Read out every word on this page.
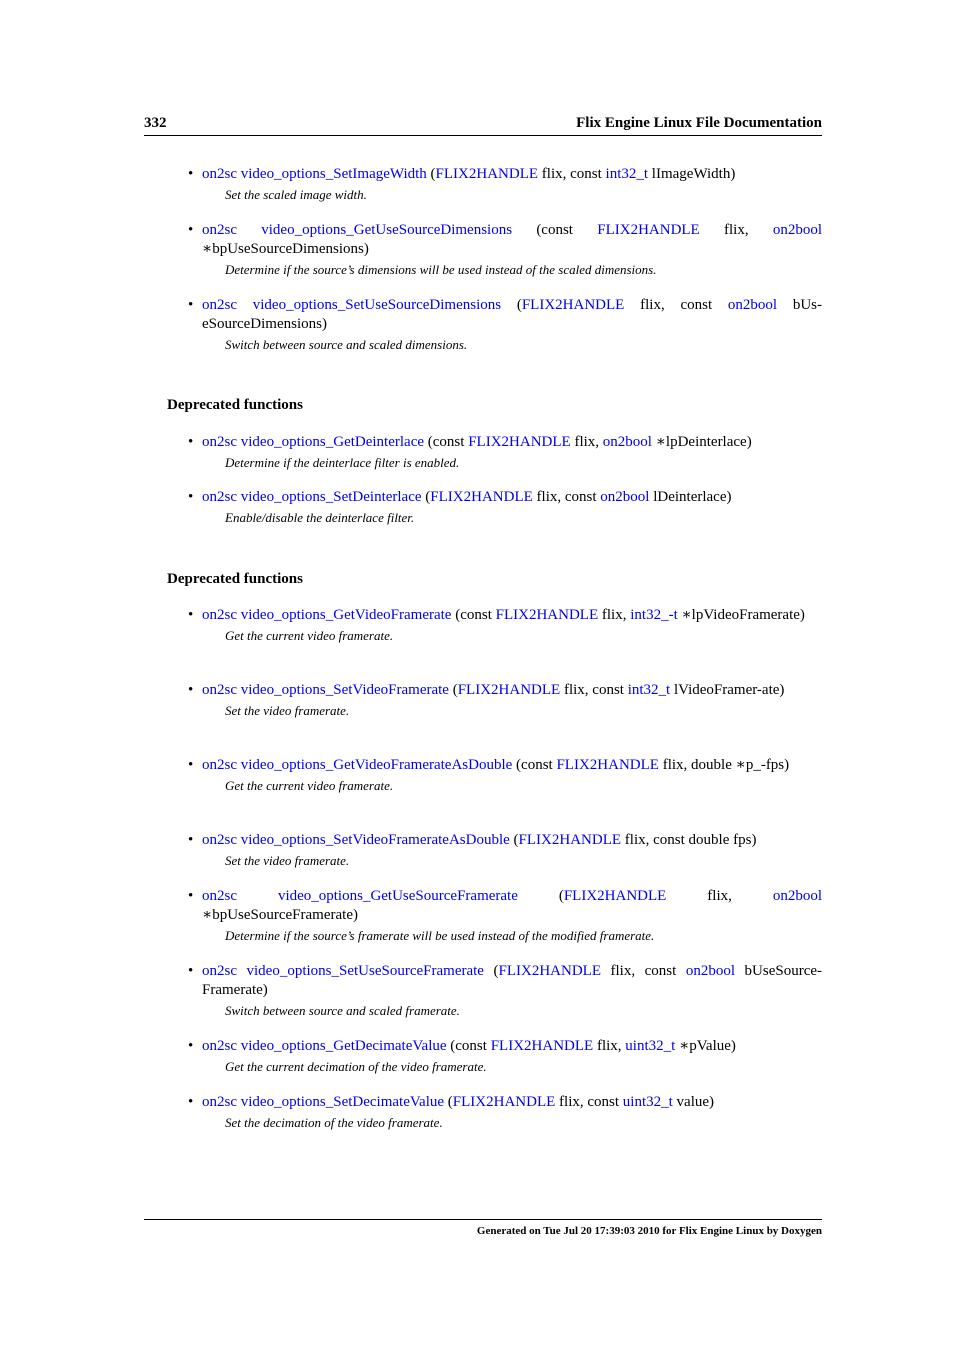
332	Flix Engine Linux File Documentation
• on2sc video_options_SetImageWidth (FLIX2HANDLE flix, const int32_t lImageWidth)
Set the scaled image width.
• on2sc video_options_GetUseSourceDimensions (const FLIX2HANDLE flix, on2bool ∗bpUseSourceDimensions)
Determine if the source’s dimensions will be used instead of the scaled dimensions.
• on2sc video_options_SetUseSourceDimensions (FLIX2HANDLE flix, const on2bool bUs-eSourceDimensions)
Switch between source and scaled dimensions.
Deprecated functions
• on2sc video_options_GetDeinterlace (const FLIX2HANDLE flix, on2bool ∗lpDeinterlace)
Determine if the deinterlace filter is enabled.
• on2sc video_options_SetDeinterlace (FLIX2HANDLE flix, const on2bool lDeinterlace)
Enable/disable the deinterlace filter.
Deprecated functions
• on2sc video_options_GetVideoFramerate (const FLIX2HANDLE flix, int32_-t ∗lpVideoFramerate)
Get the current video framerate.
• on2sc video_options_SetVideoFramerate (FLIX2HANDLE flix, const int32_t lVideoFramer-ate)
Set the video framerate.
• on2sc video_options_GetVideoFramerateAsDouble (const FLIX2HANDLE flix, double ∗p_-fps)
Get the current video framerate.
• on2sc video_options_SetVideoFramerateAsDouble (FLIX2HANDLE flix, const double fps)
Set the video framerate.
• on2sc video_options_GetUseSourceFramerate (FLIX2HANDLE flix, on2bool ∗bpUseSourceFramerate)
Determine if the source’s framerate will be used instead of the modified framerate.
• on2sc video_options_SetUseSourceFramerate (FLIX2HANDLE flix, const on2bool bUseSource-Framerate)
Switch between source and scaled framerate.
• on2sc video_options_GetDecimateValue (const FLIX2HANDLE flix, uint32_t ∗pValue)
Get the current decimation of the video framerate.
• on2sc video_options_SetDecimateValue (FLIX2HANDLE flix, const uint32_t value)
Set the decimation of the video framerate.
Generated on Tue Jul 20 17:39:03 2010 for Flix Engine Linux by Doxygen
